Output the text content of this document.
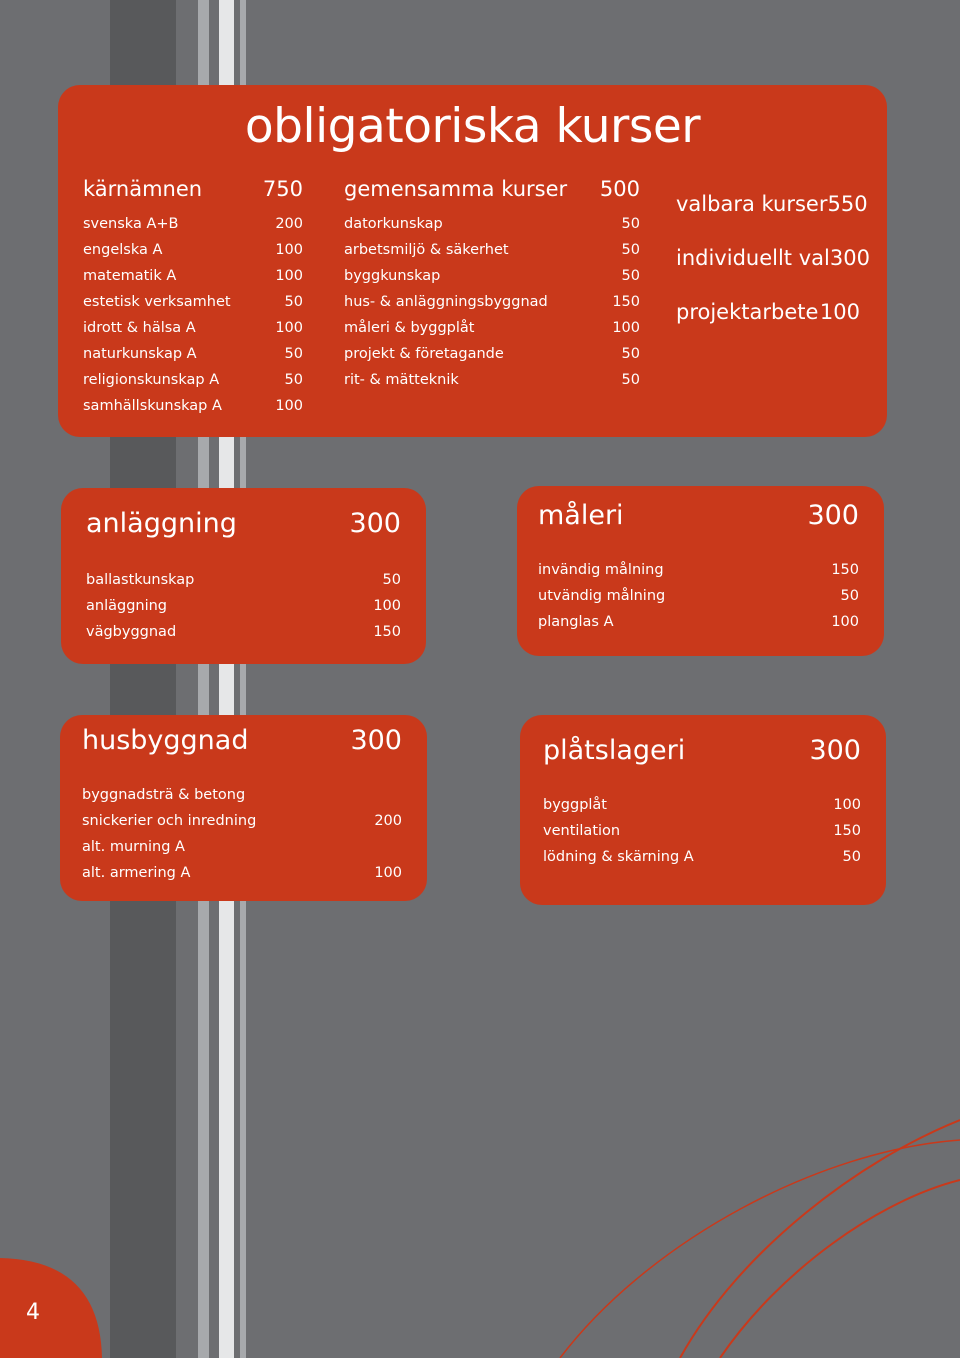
obligatoriska kurser
kärnämnen	750
svenska A+B	200
engelska A	100
matematik A	100
estetisk verksamhet	50
idrott & hälsa A	100
naturkunskap A	50
religionskunskap A	50
samhällskunskap A	100
gemensamma kurser 500
datorkunskap	50
arbetsmiljö & säkerhet	50
byggkunskap	50
hus- & anläggningsbyggnad	150
måleri & byggplåt	100
projekt & företagande	50
rit- & mätteknik	50
valbara kurser 550
individuellt val 300
projektarbete 100
anläggning	300
ballastkunskap	50
anläggning	100
vägbyggnad	150
måleri	300
invändig målning	150
utvändig målning	50
planglas A	100
husbyggnad	300
byggnadsträ & betong
snickerier och inredning	200
alt. murning A
alt. armering A	100
plåtslageri	300
byggplåt	100
ventilation	150
lödning & skärning A	50
4
